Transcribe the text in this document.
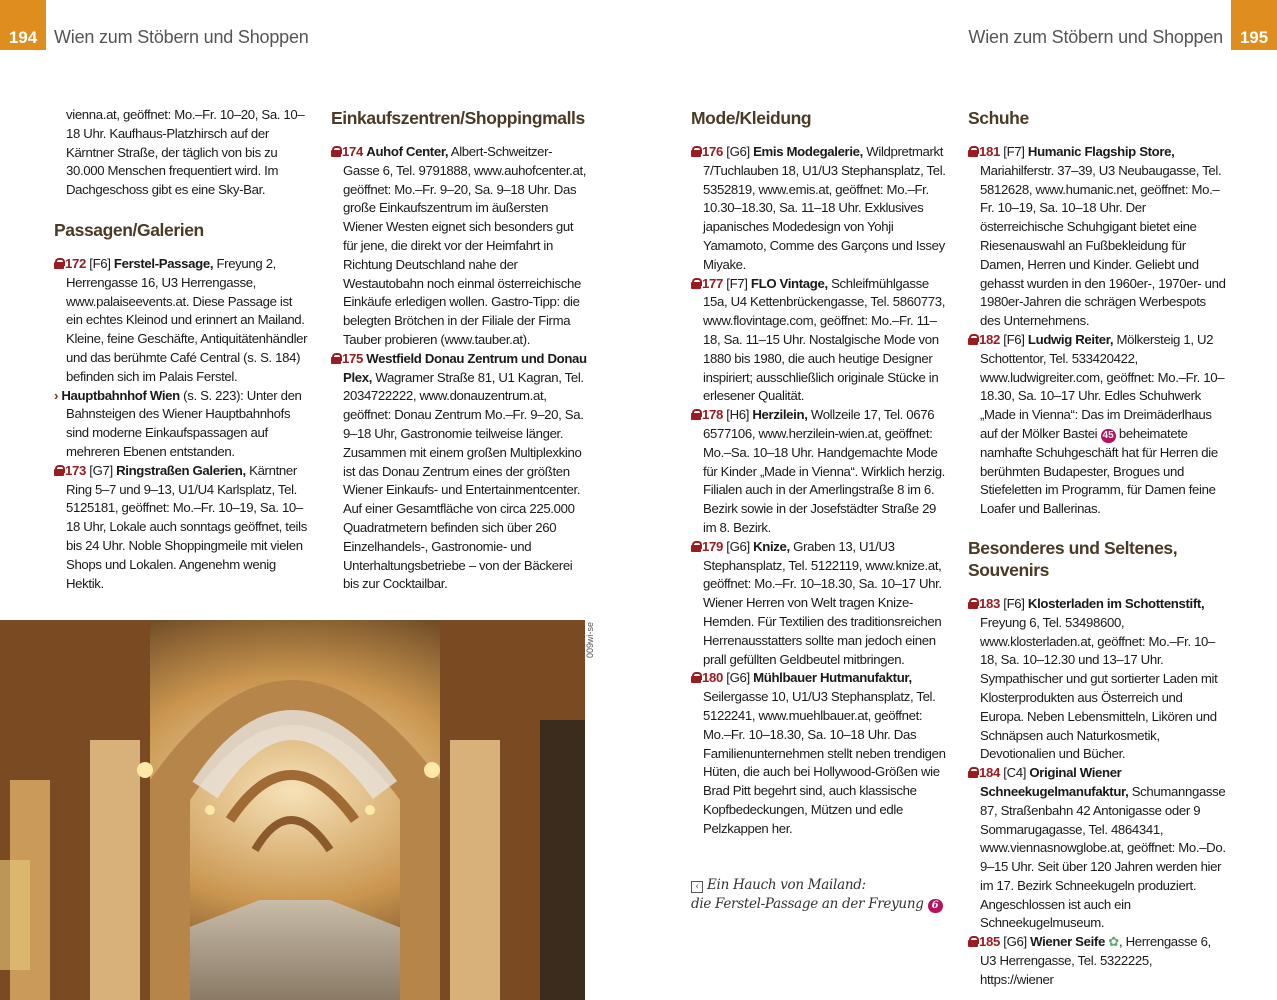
194 Wien zum Stöbern und Shoppen	Wien zum Stöbern und Shoppen 195

vienna.at, geöffnet: Mo.–Fr. 10–20, Sa. 10–18 Uhr. Kaufhaus-Platzhirsch auf der Kärntner Straße, der täglich von bis zu 30.000 Menschen frequentiert wird. Im Dachgeschoss gibt es eine Sky-Bar.

Passagen/Galerien

172 [F6] Ferstel-Passage, Freyung 2, Herrengasse 16, U3 Herrengasse, www.palaiseevents.at. Diese Passage ist ein echtes Kleinod und erinnert an Mailand. Kleine, feine Geschäfte, Antiquitätenhändler und das berühmte Café Central (s. S. 184) befinden sich im Palais Ferstel.

› Hauptbahnhof Wien (s. S. 223): Unter den Bahnsteigen des Wiener Hauptbahnhofs sind moderne Einkaufspassagen auf mehreren Ebenen entstanden.

173 [G7] Ringstraßen Galerien, Kärntner Ring 5–7 und 9–13, U1/U4 Karlsplatz, Tel. 5125181, geöffnet: Mo.–Fr. 10–19, Sa. 10–18 Uhr, Lokale auch sonntags geöffnet, teils bis 24 Uhr. Noble Shoppingmeile mit vielen Shops und Lokalen. Angenehm wenig Hektik.

Einkaufszentren/Shoppingmalls

174 Auhof Center, Albert-Schweitzer-Gasse 6, Tel. 9791888, www.auhofcenter.at, geöffnet: Mo.–Fr. 9–20, Sa. 9–18 Uhr. Das große Einkaufszentrum im äußersten Wiener Westen eignet sich besonders gut für jene, die direkt vor der Heimfahrt in Richtung Deutschland nahe der Westautobahn noch einmal österreichische Einkäufe erledigen wollen. Gastro-Tipp: die belegten Brötchen in der Filiale der Firma Tauber probieren (www.tauber.at).

175 Westfield Donau Zentrum und Donau Plex, Wagramer Straße 81, U1 Kagran, Tel. 2034722222, www.donauzentrum.at, geöffnet: Donau Zentrum Mo.–Fr. 9–20, Sa. 9–18 Uhr, Gastronomie teilweise länger. Zusammen mit einem großen Multiplexkino ist das Donau Zentrum eines der größten Wiener Einkaufs- und Entertainmentcenter. Auf einer Gesamtfläche von circa 225.000 Quadratmetern befinden sich über 260 Einzelhandels-, Gastronomie- und Unterhaltungsbetriebe – von der Bäckerei bis zur Cocktailbar.

009wi-se
Mode/Kleidung

176 [G6] Emis Modegalerie, Wildpretmarkt 7/Tuchlauben 18, U1/U3 Stephansplatz, Tel. 5352819, www.emis.at, geöffnet: Mo.–Fr. 10.30–18.30, Sa. 11–18 Uhr. Exklusives japanisches Modedesign von Yohji Yamamoto, Comme des Garçons und Issey Miyake.

177 [F7] FLO Vintage, Schleifmühlgasse 15a, U4 Kettenbrückengasse, Tel. 5860773, www.flovintage.com, geöffnet: Mo.–Fr. 11–18, Sa. 11–15 Uhr. Nostalgische Mode von 1880 bis 1980, die auch heutige Designer inspiriert; ausschließlich originale Stücke in erlesener Qualität.

178 [H6] Herzilein, Wollzeile 17, Tel. 0676 6577106, www.herzilein-wien.at, geöffnet: Mo.–Sa. 10–18 Uhr. Handgemachte Mode für Kinder „Made in Vienna“. Wirklich herzig. Filialen auch in der Amerlingstraße 8 im 6. Bezirk sowie in der Josefstädter Straße 29 im 8. Bezirk.

179 [G6] Knize, Graben 13, U1/U3 Stephansplatz, Tel. 5122119, www.knize.at, geöffnet: Mo.–Fr. 10–18.30, Sa. 10–17 Uhr. Wiener Herren von Welt tragen Knize-Hemden. Für Textilien des traditionsreichen Herrenausstatters sollte man jedoch einen prall gefüllten Geldbeutel mitbringen.

180 [G6] Mühlbauer Hutmanufaktur, Seilergasse 10, U1/U3 Stephansplatz, Tel. 5122241, www.muehlbauer.at, geöffnet: Mo.–Fr. 10–18.30, Sa. 10–18 Uhr. Das Familienunternehmen stellt neben trendigen Hüten, die auch bei Hollywood-Größen wie Brad Pitt begehrt sind, auch klassische Kopfbedeckungen, Mützen und edle Pelzkappen her.

‹ Ein Hauch von Mailand:
die Ferstel-Passage an der Freyung 6
Schuhe

181 [F7] Humanic Flagship Store, Mariahilferstr. 37–39, U3 Neubaugasse, Tel. 5812628, www.humanic.net, geöffnet: Mo.–Fr. 10–19, Sa. 10–18 Uhr. Der österreichische Schuhgigant bietet eine Riesenauswahl an Fußbekleidung für Damen, Herren und Kinder. Geliebt und gehasst wurden in den 1960er-, 1970er- und 1980er-Jahren die schrägen Werbespots des Unternehmens.

182 [F6] Ludwig Reiter, Mölkersteig 1, U2 Schottentor, Tel. 533420422, www.ludwigreiter.com, geöffnet: Mo.–Fr. 10–18.30, Sa. 10–17 Uhr. Edles Schuhwerk „Made in Vienna“: Das im Dreimäderlhaus auf der Mölker Bastei 45 beheimatete namhafte Schuhgeschäft hat für Herren die berühmten Budapester, Brogues und Stiefeletten im Programm, für Damen feine Loafer und Ballerinas.

Besonderes und Seltenes, Souvenirs

183 [F6] Klosterladen im Schottenstift, Freyung 6, Tel. 53498600, www.klosterladen.at, geöffnet: Mo.–Fr. 10–18, Sa. 10–12.30 und 13–17 Uhr. Sympathischer und gut sortierter Laden mit Klosterprodukten aus Österreich und Europa. Neben Lebensmitteln, Likören und Schnäpsen auch Naturkosmetik, Devotionalien und Bücher.

184 [C4] Original Wiener Schneekugelmanufaktur, Schumanngasse 87, Straßenbahn 42 Antonigasse oder 9 Sommarugagasse, Tel. 4864341, www.viennasnowglobe.at, geöffnet: Mo.–Do. 9–15 Uhr. Seit über 120 Jahren werden hier im 17. Bezirk Schneekugeln produziert. Angeschlossen ist auch ein Schneekugelmuseum.

185 [G6] Wiener Seife ✿, Herrengasse 6, U3 Herrengasse, Tel. 5322225, https://wiener
